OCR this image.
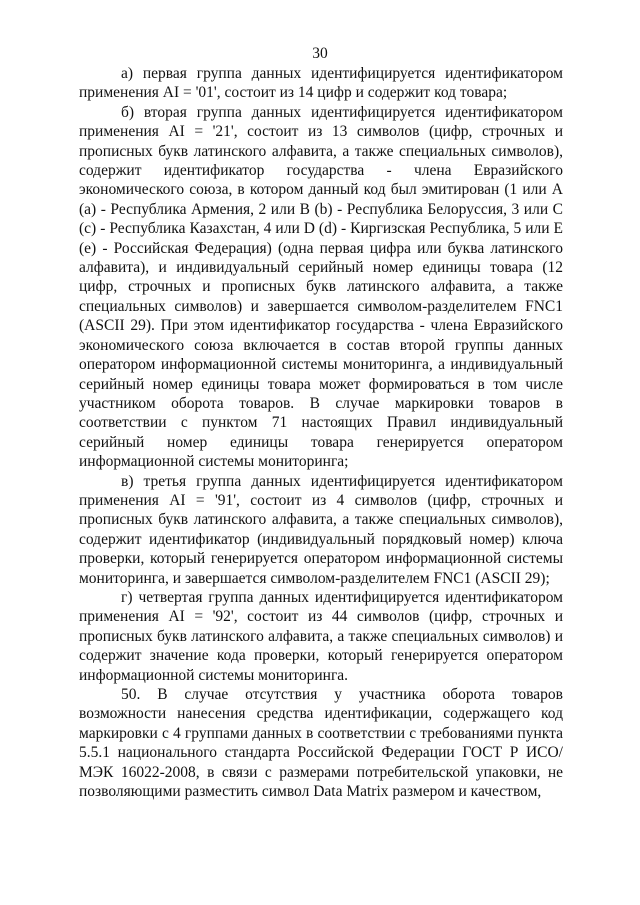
30

а) первая группа данных идентифицируется идентификатором применения AI = '01', состоит из 14 цифр и содержит код товара;

б) вторая группа данных идентифицируется идентификатором применения AI = '21', состоит из 13 символов (цифр, строчных и прописных букв латинского алфавита, а также специальных символов), содержит идентификатор государства - члена Евразийского экономического союза, в котором данный код был эмитирован (1 или A (a) - Республика Армения, 2 или B (b) - Республика Белоруссия, 3 или C (c) - Республика Казахстан, 4 или D (d) - Киргизская Республика, 5 или E (e) - Российская Федерация) (одна первая цифра или буква латинского алфавита), и индивидуальный серийный номер единицы товара (12 цифр, строчных и прописных букв латинского алфавита, а также специальных символов) и завершается символом-разделителем FNC1 (ASCII 29). При этом идентификатор государства - члена Евразийского экономического союза включается в состав второй группы данных оператором информационной системы мониторинга, а индивидуальный серийный номер единицы товара может формироваться в том числе участником оборота товаров. В случае маркировки товаров в соответствии с пунктом 71 настоящих Правил индивидуальный серийный номер единицы товара генерируется оператором информационной системы мониторинга;

в) третья группа данных идентифицируется идентификатором применения AI = '91', состоит из 4 символов (цифр, строчных и прописных букв латинского алфавита, а также специальных символов), содержит идентификатор (индивидуальный порядковый номер) ключа проверки, который генерируется оператором информационной системы мониторинга, и завершается символом-разделителем FNC1 (ASCII 29);

г) четвертая группа данных идентифицируется идентификатором применения AI = '92', состоит из 44 символов (цифр, строчных и прописных букв латинского алфавита, а также специальных символов) и содержит значение кода проверки, который генерируется оператором информационной системы мониторинга.

50. В случае отсутствия у участника оборота товаров возможности нанесения средства идентификации, содержащего код маркировки с 4 группами данных в соответствии с требованиями пункта 5.5.1 национального стандарта Российской Федерации ГОСТ Р ИСО/МЭК 16022-2008, в связи с размерами потребительской упаковки, не позволяющими разместить символ Data Matrix размером и качеством,
